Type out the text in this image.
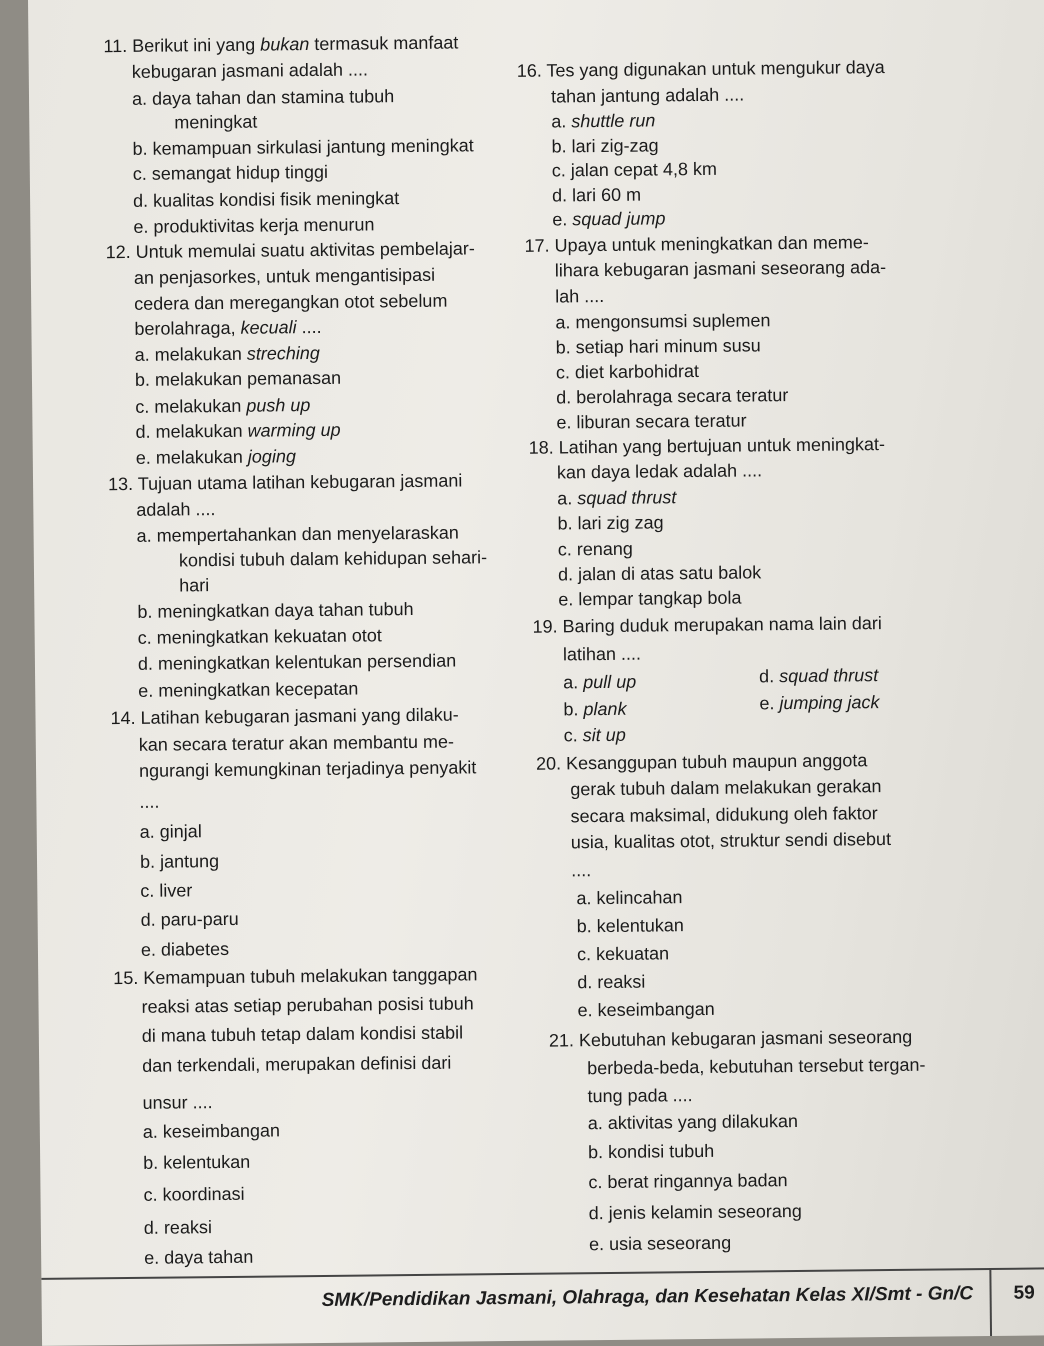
11. Berikut ini yang bukan termasuk manfaat
kebugaran jasmani adalah ....
a. daya tahan dan stamina tubuh
meningkat
b. kemampuan sirkulasi jantung meningkat
c. semangat hidup tinggi
d. kualitas kondisi fisik meningkat
e. produktivitas kerja menurun
12. Untuk memulai suatu aktivitas pembelajar-
an penjasorkes, untuk mengantisipasi
cedera dan meregangkan otot sebelum
berolahraga, kecuali ....
a. melakukan streching
b. melakukan pemanasan
c. melakukan push up
d. melakukan warming up
e. melakukan joging
13. Tujuan utama latihan kebugaran jasmani
adalah ....
a. mempertahankan dan menyelaraskan
kondisi tubuh dalam kehidupan sehari-
hari
b. meningkatkan daya tahan tubuh
c. meningkatkan kekuatan otot
d. meningkatkan kelentukan persendian
e. meningkatkan kecepatan
14. Latihan kebugaran jasmani yang dilaku-
kan secara teratur akan membantu me-
ngurangi kemungkinan terjadinya penyakit
....
a. ginjal
b. jantung
c. liver
d. paru-paru
e. diabetes
15. Kemampuan tubuh melakukan tanggapan
reaksi atas setiap perubahan posisi tubuh
di mana tubuh tetap dalam kondisi stabil
dan terkendali, merupakan definisi dari
unsur ....
a. keseimbangan
b. kelentukan
c. koordinasi
d. reaksi
e. daya tahan
16. Tes yang digunakan untuk mengukur daya
tahan jantung adalah ....
a. shuttle run
b. lari zig-zag
c. jalan cepat 4,8 km
d. lari 60 m
e. squad jump
17. Upaya untuk meningkatkan dan meme-
lihara kebugaran jasmani seseorang ada-
lah ....
a. mengonsumsi suplemen
b. setiap hari minum susu
c. diet karbohidrat
d. berolahraga secara teratur
e. liburan secara teratur
18. Latihan yang bertujuan untuk meningkat-
kan daya ledak adalah ....
a. squad thrust
b. lari zig zag
c. renang
d. jalan di atas satu balok
e. lempar tangkap bola
19. Baring duduk merupakan nama lain dari
latihan ....
a. pull up	d. squad thrust
b. plank	e. jumping jack
c. sit up
20. Kesanggupan tubuh maupun anggota
gerak tubuh dalam melakukan gerakan
secara maksimal, didukung oleh faktor
usia, kualitas otot, struktur sendi disebut
....
a. kelincahan
b. kelentukan
c. kekuatan
d. reaksi
e. keseimbangan
21. Kebutuhan kebugaran jasmani seseorang
berbeda-beda, kebutuhan tersebut tergan-
tung pada ....
a. aktivitas yang dilakukan
b. kondisi tubuh
c. berat ringannya badan
d. jenis kelamin seseorang
e. usia seseorang
SMK/Pendidikan Jasmani, Olahraga, dan Kesehatan Kelas XI/Smt - Gn/C 59
